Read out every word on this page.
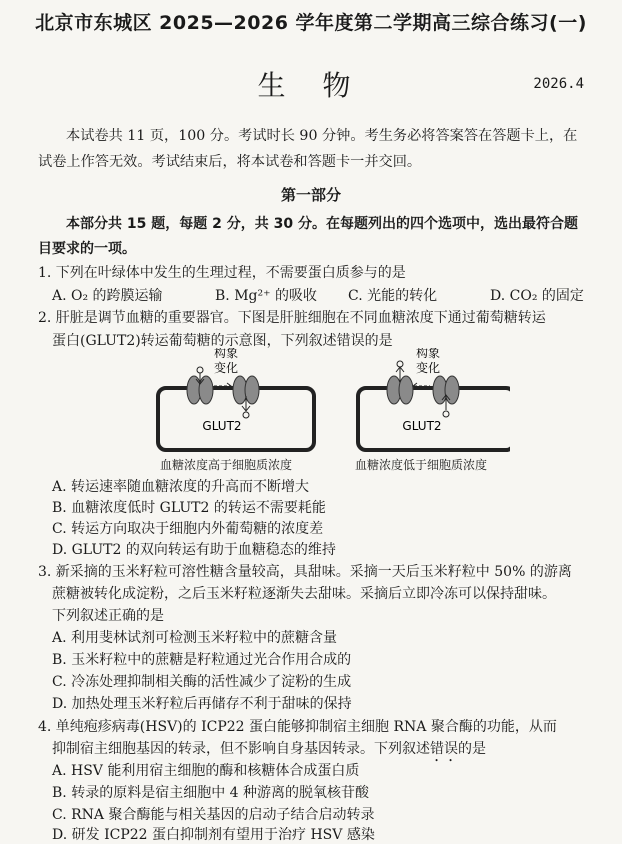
北京市东城区 2025—2026 学年度第二学期高三综合练习(一)
生 物	2026.4
本试卷共 11 页，100 分。考试时长 90 分钟。考生务必将答案答在答题卡上，在试卷上作答无效。考试结束后，将本试卷和答题卡一并交回。
第一部分
本部分共 15 题，每题 2 分，共 30 分。在每题列出的四个选项中，选出最符合题目要求的一项。
1. 下列在叶绿体中发生的生理过程，不需要蛋白质参与的是
A. O₂ 的跨膜运输	B. Mg²⁺ 的吸收 C. 光能的转化	D. CO₂ 的固定
2. 肝脏是调节血糖的重要器官。下图是肝脏细胞在不同血糖浓度下通过葡萄糖转运
蛋白(GLUT2)转运葡萄糖的示意图，下列叙述错误的是
构象
变化
GLUT2
构象
变化
GLUT2
血糖浓度高于细胞质浓度	血糖浓度低于细胞质浓度
A. 转运速率随血糖浓度的升高而不断增大
B. 血糖浓度低时 GLUT2 的转运不需要耗能
C. 转运方向取决于细胞内外葡萄糖的浓度差
D. GLUT2 的双向转运有助于血糖稳态的维持
3. 新采摘的玉米籽粒可溶性糖含量较高，具甜味。采摘一天后玉米籽粒中 50% 的游离
蔗糖被转化成淀粉，之后玉米籽粒逐渐失去甜味。采摘后立即冷冻可以保持甜味。
下列叙述正确的是
A. 利用斐林试剂可检测玉米籽粒中的蔗糖含量
B. 玉米籽粒中的蔗糖是籽粒通过光合作用合成的
C. 冷冻处理抑制相关酶的活性减少了淀粉的生成
D. 加热处理玉米籽粒后再储存不利于甜味的保持
4. 单纯疱疹病毒(HSV)的 ICP22 蛋白能够抑制宿主细胞 RNA 聚合酶的功能，从而
抑制宿主细胞基因的转录，但不影响自身基因转录。下列叙述错误的是
A. HSV 能利用宿主细胞的酶和核糖体合成蛋白质
B. 转录的原料是宿主细胞中 4 种游离的脱氧核苷酸
C. RNA 聚合酶能与相关基因的启动子结合启动转录
D. 研发 ICP22 蛋白抑制剂有望用于治疗 HSV 感染
